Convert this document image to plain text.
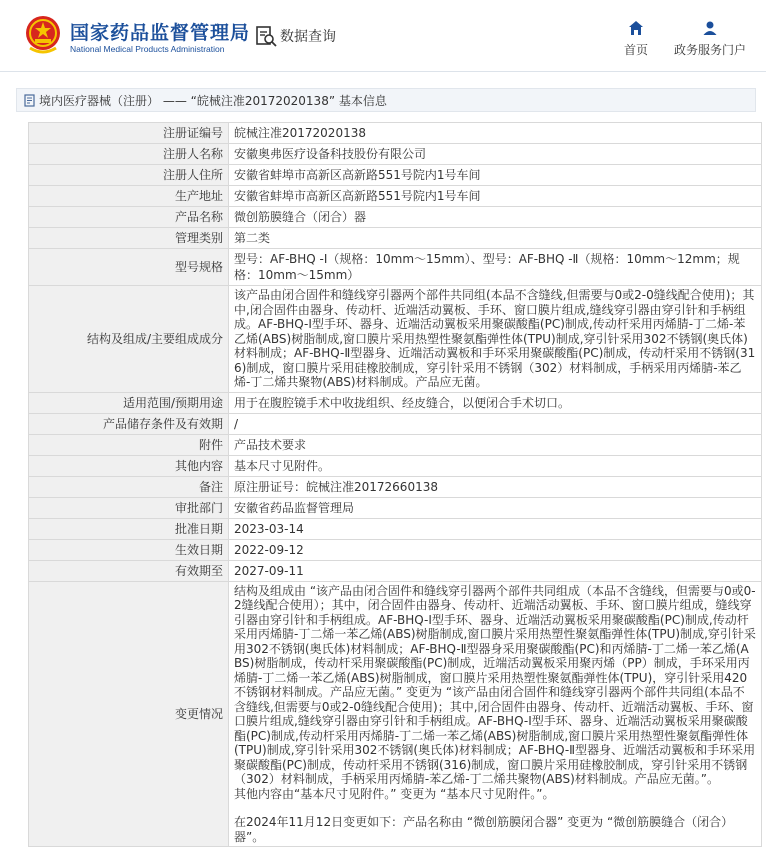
国家药品监督管理局
National Medical Products Administration
数据查询
首页 政务服务门户
境内医疗器械（注册） —— “皖械注准20172020138” 基本信息
注册证编号	皖械注准20172020138
注册人名称	安徽奥弗医疗设备科技股份有限公司
注册人住所	安徽省蚌埠市高新区高新路551号院内1号车间
生产地址	安徽省蚌埠市高新区高新路551号院内1号车间
产品名称	微创筋膜缝合（闭合）器
管理类别	第二类
型号规格	型号：AF-BHQ -Ⅰ（规格：10mm～15mm）、型号：AF-BHQ -Ⅱ（规格：10mm～12mm；规格：10mm～15mm）
结构及组成/主要组成成分	该产品由闭合固件和缝线穿引器两个部件共同组(本品不含缝线,但需要与0或2-0缝线配合使用)；其中,闭合固件由器身、传动杆、近端活动翼板、手环、窗口膜片组成,缝线穿引器由穿引针和手柄组成。AF-BHQ-Ⅰ型手环、器身、近端活动翼板采用聚碳酸酯(PC)制成,传动杆采用丙烯腈-丁二烯-苯乙烯(ABS)树脂制成,窗口膜片采用热塑性聚氨酯弹性体(TPU)制成,穿引针采用302不锈钢(奥氏体)材料制成；AF-BHQ-Ⅱ型器身、近端活动翼板和手环采用聚碳酸酯(PC)制成，传动杆采用不锈钢(316)制成，窗口膜片采用硅橡胶制成，穿引针采用不锈钢（302）材料制成，手柄采用丙烯腈-苯乙烯-丁二烯共聚物(ABS)材料制成。产品应无菌。
适用范围/预期用途	用于在腹腔镜手术中收拢组织、经皮缝合，以便闭合手术切口。
产品储存条件及有效期	/
附件	产品技术要求
其他内容	基本尺寸见附件。
备注	原注册证号：皖械注准20172660138
审批部门	安徽省药品监督管理局
批准日期	2023-03-14
生效日期	2022-09-12
有效期至	2027-09-11
变更情况	结构及组成由 “该产品由闭合固件和缝线穿引器两个部件共同组成（本品不含缝线，但需要与0或0-2缝线配合使用）；其中，闭合固件由器身、传动杆、近端活动翼板、手环、窗口膜片组成，缝线穿引器由穿引针和手柄组成。AF-BHQ-Ⅰ型手环、器身、近端活动翼板采用聚碳酸酯(PC)制成,传动杆采用丙烯腈-丁二烯一苯乙烯(ABS)树脂制成,窗口膜片采用热塑性聚氨酯弹性体(TPU)制成,穿引针采用302不锈钢(奥氏体)材料制成；AF-BHQ-Ⅱ型器身采用聚碳酸酯(PC)和丙烯腈-丁二烯一苯乙烯(ABS)树脂制成，传动杆采用聚碳酸酯(PC)制成，近端活动翼板采用聚丙烯（PP）制成，手环采用丙烯腈-丁二烯一苯乙烯(ABS)树脂制成，窗口膜片采用热塑性聚氨酯弹性体(TPU)，穿引针采用420不锈钢材料制成。产品应无菌。” 变更为 “该产品由闭合固件和缝线穿引器两个部件共同组(本品不含缝线,但需要与0或2-0缝线配合使用)；其中,闭合固件由器身、传动杆、近端活动翼板、手环、窗口膜片组成,缝线穿引器由穿引针和手柄组成。AF-BHQ-Ⅰ型手环、器身、近端活动翼板采用聚碳酸酯(PC)制成,传动杆采用丙烯腈-丁二烯一苯乙烯(ABS)树脂制成,窗口膜片采用热塑性聚氨酯弹性体(TPU)制成,穿引针采用302不锈钢(奥氏体)材料制成；AF-BHQ-Ⅱ型器身、近端活动翼板和手环采用聚碳酸酯(PC)制成，传动杆采用不锈钢(316)制成，窗口膜片采用硅橡胶制成，穿引针采用不锈钢（302）材料制成，手柄采用丙烯腈-苯乙烯-丁二烯共聚物(ABS)材料制成。产品应无菌。”。
其他内容由“基本尺寸见附件。” 变更为 “基本尺寸见附件。”。
在2024年11月12日变更如下：产品名称由 “微创筋膜闭合器” 变更为 “微创筋膜缝合（闭合）器”。
